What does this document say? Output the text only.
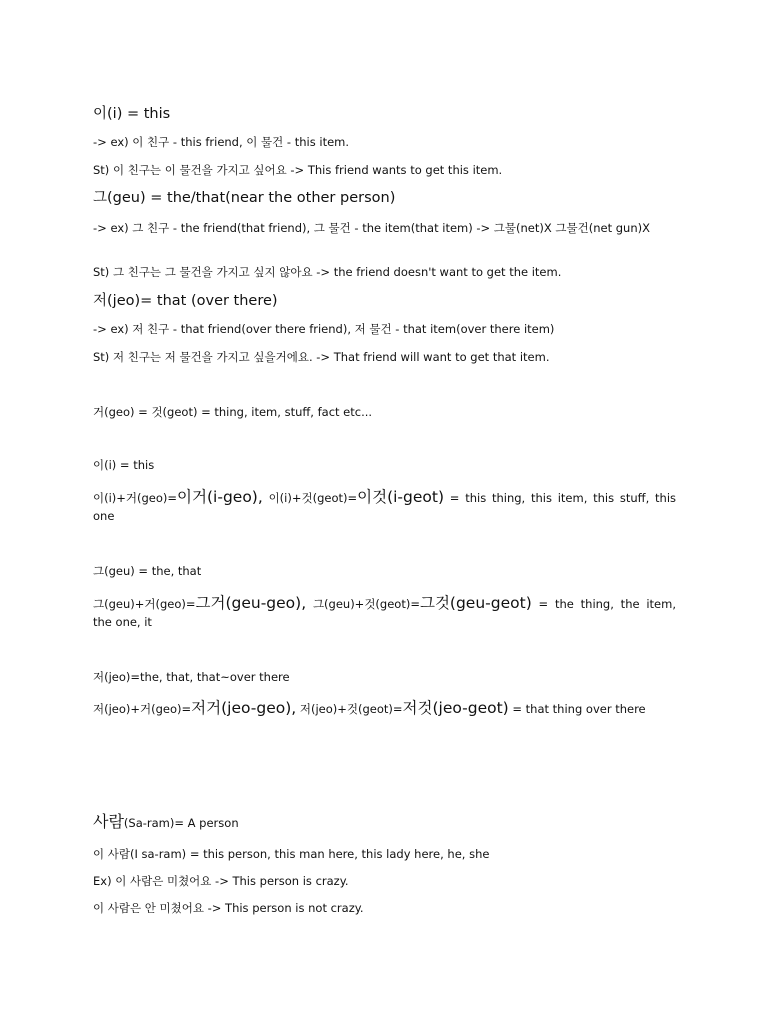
이(i) = this
-> ex) 이 친구 - this friend, 이 물건 - this item.
St) 이 친구는 이 물건을 가지고 싶어요 -> This friend wants to get this item.
그(geu) = the/that(near the other person)
-> ex) 그 친구 - the friend(that friend), 그 물건 - the item(that item) -> 그물(net)X 그물건(net gun)X
St) 그 친구는 그 물건을 가지고 싶지 않아요 -> the friend doesn't want to get the item.
저(jeo)= that (over there)
-> ex) 저 친구 - that friend(over there friend), 저 물건 - that item(over there item)
St) 저 친구는 저 물건을 가지고 싶을거에요. -> That friend will want to get that item.
거(geo) = 것(geot) = thing, item, stuff, fact etc...
이(i) = this
이(i)+거(geo)=이거(i-geo), 이(i)+것(geot)=이것(i-geot) = this thing, this item, this stuff, this one
그(geu) = the, that
그(geu)+거(geo)=그거(geu-geo), 그(geu)+것(geot)=그것(geu-geot) = the thing, the item, the one, it
저(jeo)=the, that, that~over there
저(jeo)+거(geo)=저거(jeo-geo), 저(jeo)+것(geot)=저것(jeo-geot) = that thing over there
사람(Sa-ram)= A person
이 사람(I sa-ram) = this person, this man here, this lady here, he, she
Ex) 이 사람은 미쳤어요 -> This person is crazy.
이 사람은 안 미쳤어요 -> This person is not crazy.
